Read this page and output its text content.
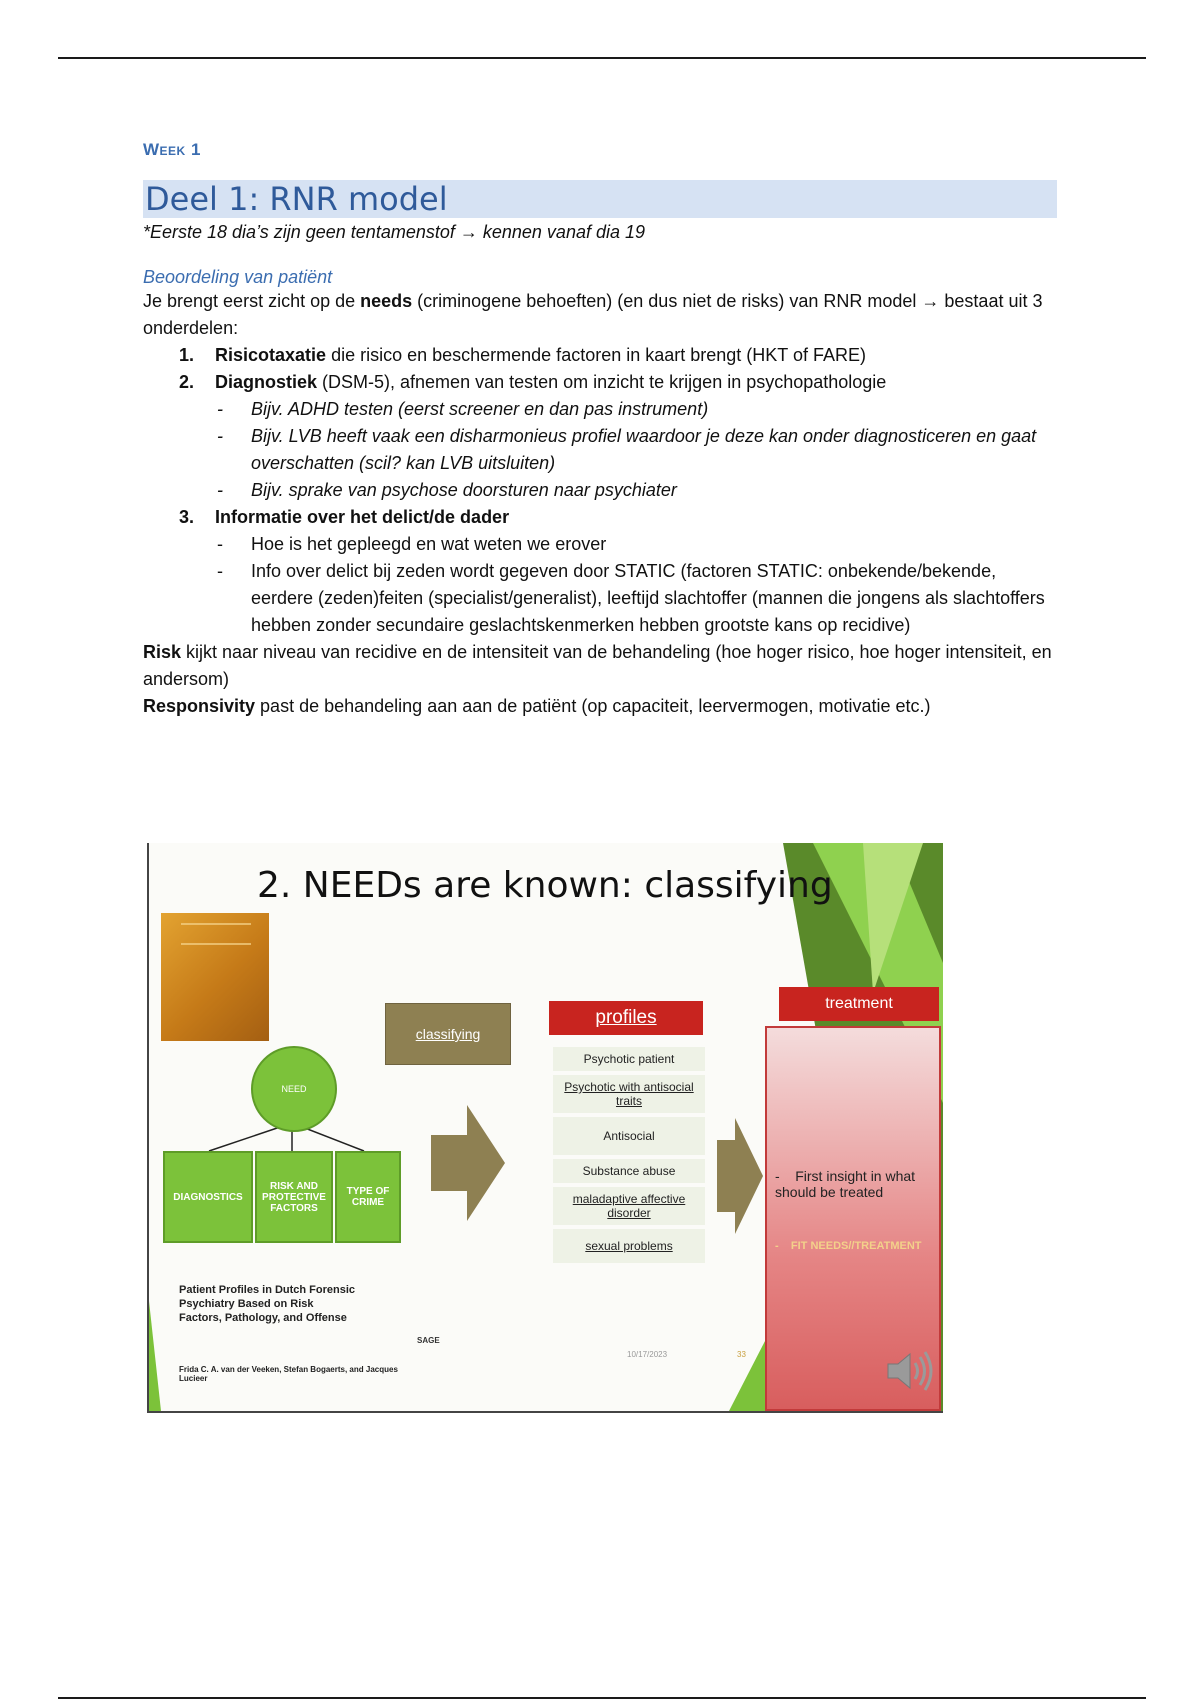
Week 1
Deel 1: RNR model
*Eerste 18 dia’s zijn geen tentamenstof → kennen vanaf dia 19
Beoordeling van patiënt

Je brengt eerst zicht op de needs (criminogene behoeften) (en dus niet de risks) van RNR model → bestaat uit 3 onderdelen:

1. Risicotaxatie die risico en beschermende factoren in kaart brengt (HKT of FARE)
2. Diagnostiek (DSM-5), afnemen van testen om inzicht te krijgen in psychopathologie
- Bijv. ADHD testen (eerst screener en dan pas instrument)
- Bijv. LVB heeft vaak een disharmonieus profiel waardoor je deze kan onder diagnosticeren en gaat overschatten (scil? kan LVB uitsluiten)
- Bijv. sprake van psychose doorsturen naar psychiater
3. Informatie over het delict/de dader
- Hoe is het gepleegd en wat weten we erover
- Info over delict bij zeden wordt gegeven door STATIC (factoren STATIC: onbekende/bekende, eerdere (zeden)feiten (specialist/generalist), leeftijd slachtoffer (mannen die jongens als slachtoffers hebben zonder secundaire geslachtskenmerken hebben grootste kans op recidive)

Risk kijkt naar niveau van recidive en de intensiteit van de behandeling (hoe hoger risico, hoe hoger intensiteit, en andersom)

Responsivity past de behandeling aan aan de patiënt (op capaciteit, leervermogen, motivatie etc.)

2. NEEDs are known: classifying
NEED
DIAGNOSTICS
RISK AND PROTECTIVE FACTORS
TYPE OF CRIME
classifying
profiles
Psychotic patient
Psychotic with antisocial traits
Antisocial
Substance abuse
maladaptive affective disorder
sexual problems
treatment
- First insight in what should be treated
- FIT NEEDS//TREATMENT
Patient Profiles in Dutch Forensic Psychiatry Based on Risk Factors, Pathology, and Offense
SAGE
Frida C. A. van der Veeken, Stefan Bogaerts, and Jacques Lucieer
10/17/2023	33
